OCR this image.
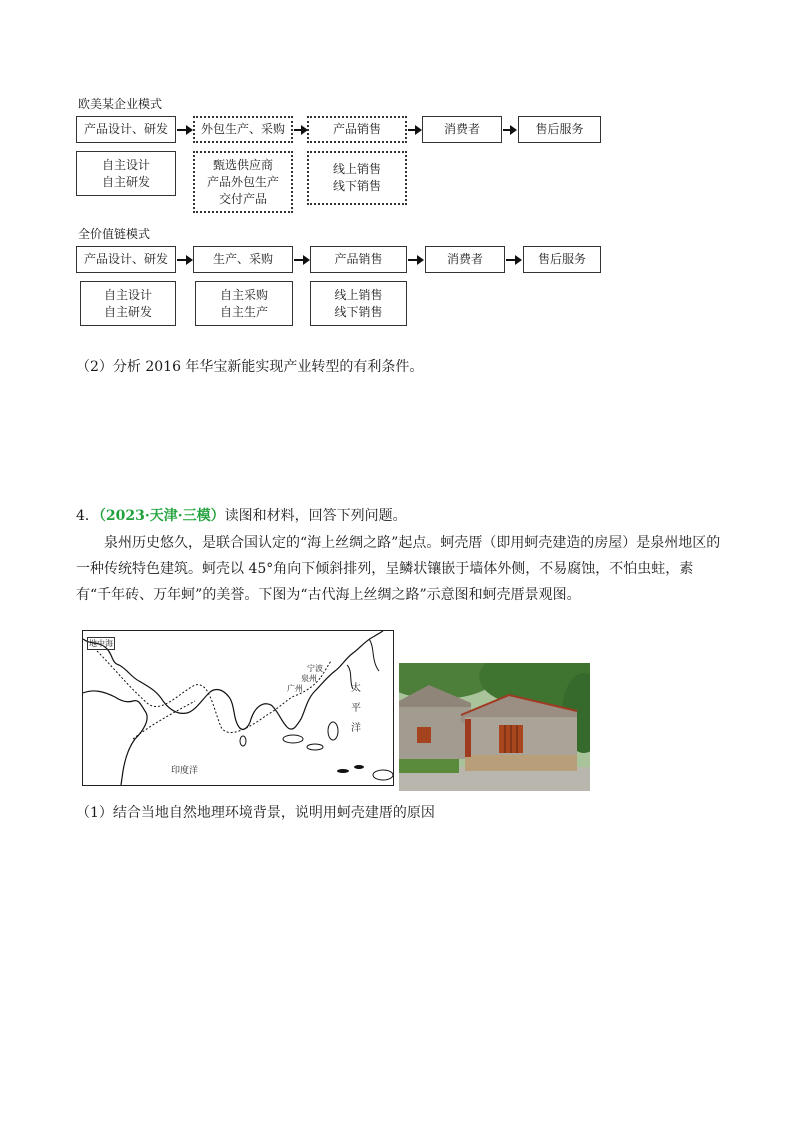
欧美某企业模式
产品设计、研发	外包生产、采购	产品销售	消费者	售后服务
自主设计
自主研发
甄选供应商
产品外包生产
交付产品
线上销售
线下销售
全价值链模式
产品设计、研发	生产、采购	产品销售	消费者	售后服务
自主设计
自主研发
自主采购
自主生产
线上销售
线下销售
（2）分析 2016 年华宝新能实现产业转型的有利条件。
4．（2023·天津·三模）读图和材料，回答下列问题。
泉州历史悠久，是联合国认定的“海上丝绸之路”起点。蚵壳厝（即用蚵壳建造的房屋）是泉州地区的一种传统特色建筑。蚵壳以 45°角向下倾斜排列，呈鳞状镶嵌于墙体外侧，不易腐蚀，不怕虫蛀，素有“千年砖、万年蚵”的美誉。下图为“古代海上丝绸之路”示意图和蚵壳厝景观图。
地中海
宁波
泉州
广州	太
平
洋
印度洋
（1）结合当地自然地理环境背景，说明用蚵壳建厝的原因
